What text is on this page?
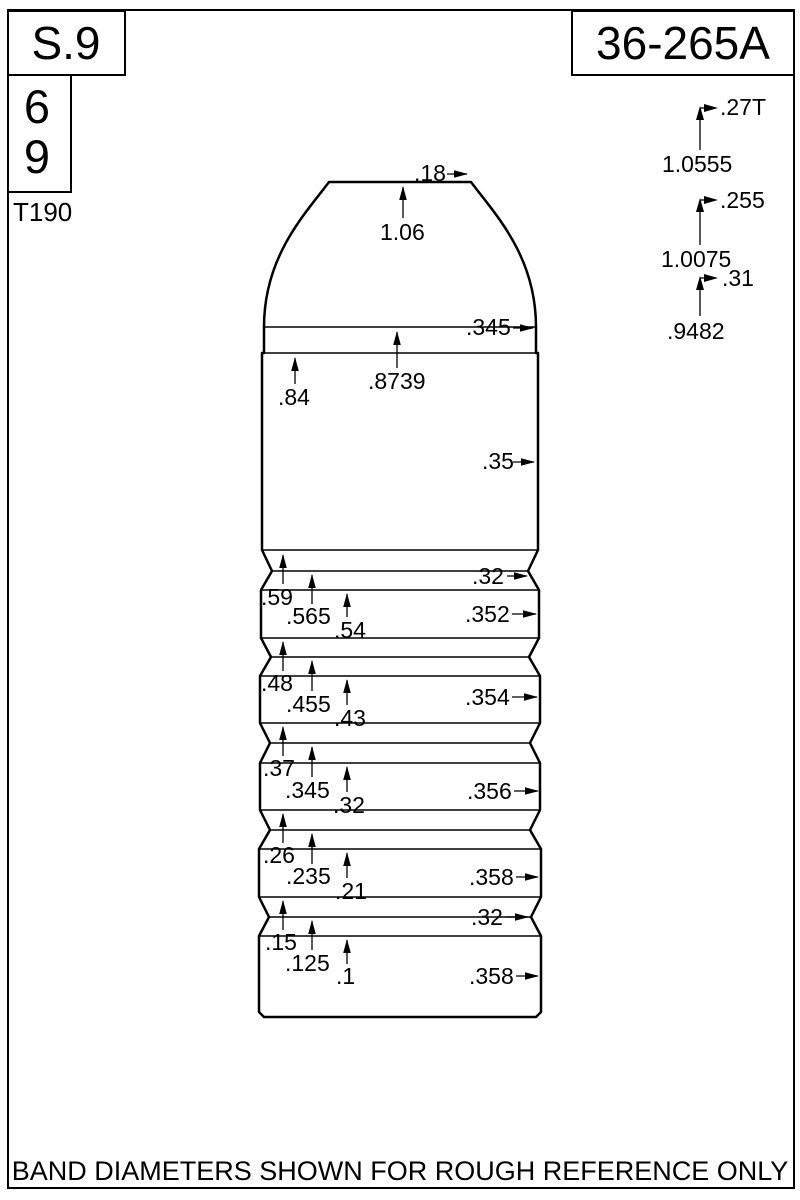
S.9	36-265A
6
9
T190
.18
1.06
.8739
.84
.345
.35
.32
.352
.354
.356
.358
.32
.358
.59
.565
.54
.48
.455
.43
.37
.345
.32
.26
.235
.21
.15
.125 .1
.27T
1.0555
.255
1.0075
.31
.9482
BAND DIAMETERS SHOWN FOR ROUGH REFERENCE ONLY
